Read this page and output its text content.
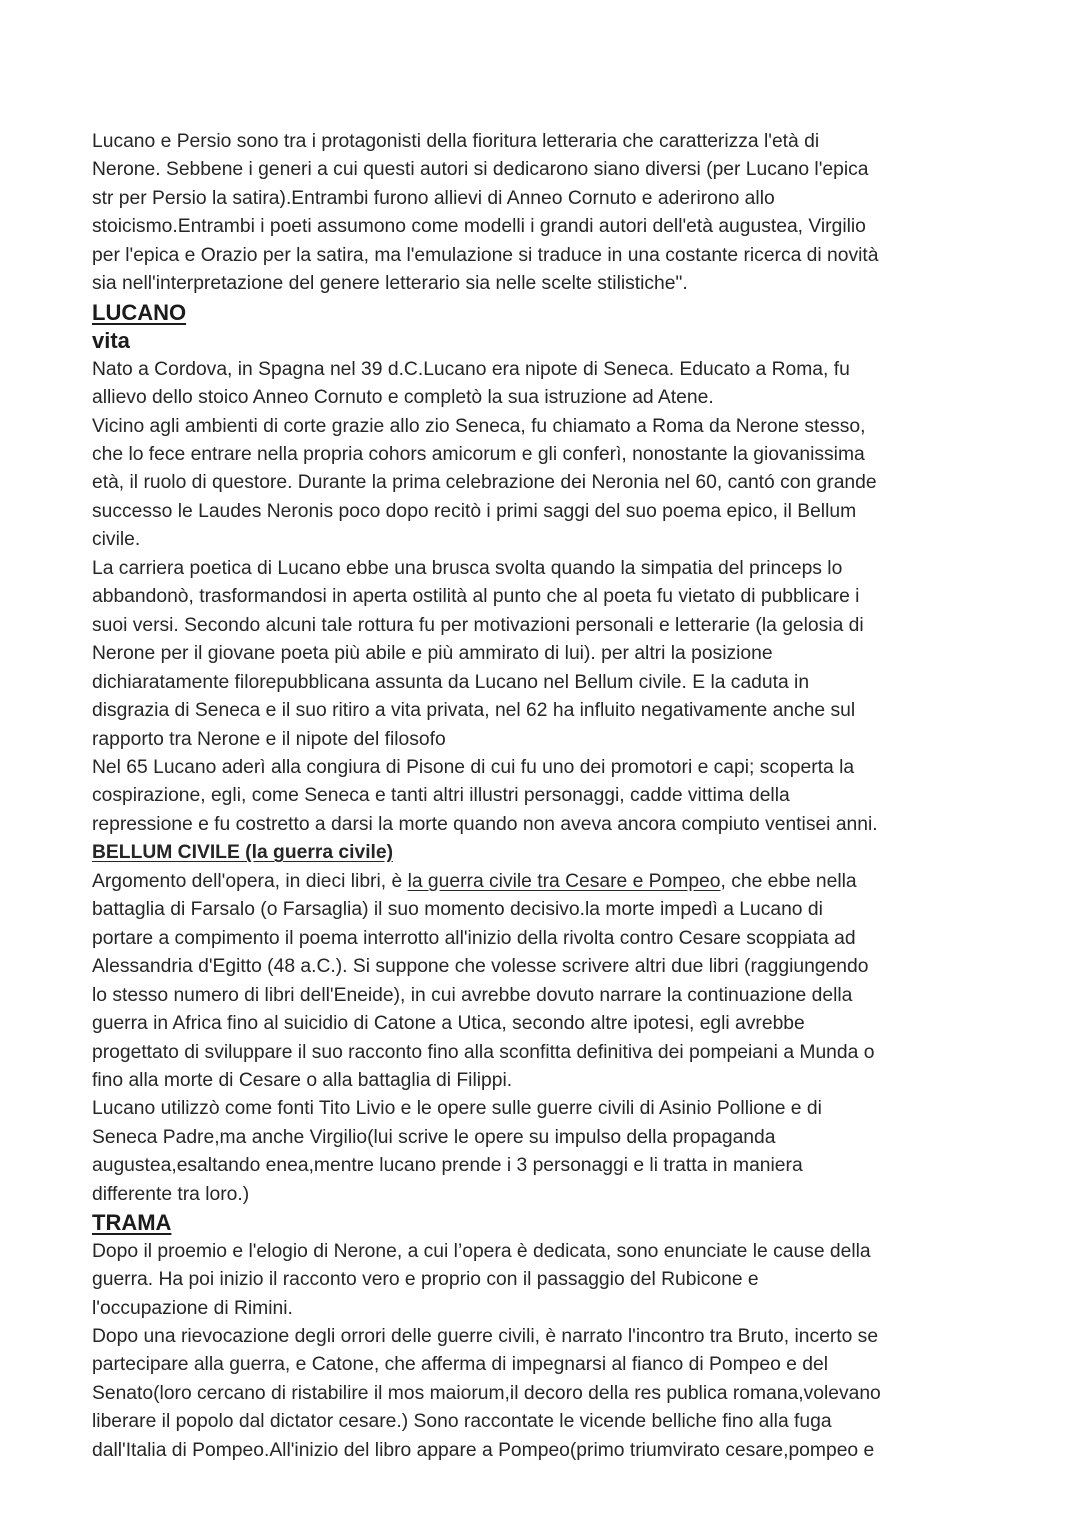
Lucano e Persio sono tra i protagonisti della fioritura letteraria che caratterizza l'età di
Nerone. Sebbene i generi a cui questi autori si dedicarono siano diversi (per Lucano l'epica
str per Persio la satira).Entrambi furono allievi di Anneo Cornuto e aderirono allo
stoicismo.Entrambi i poeti assumono come modelli i grandi autori dell'età augustea, Virgilio
per l'epica e Orazio per la satira, ma l'emulazione si traduce in una costante ricerca di novità
sia nell'interpretazione del genere letterario sia nelle scelte stilistiche".
LUCANO
vita
Nato a Cordova, in Spagna nel 39 d.C.Lucano era nipote di Seneca. Educato a Roma, fu
allievo dello stoico Anneo Cornuto e completò la sua istruzione ad Atene.
Vicino agli ambienti di corte grazie allo zio Seneca, fu chiamato a Roma da Nerone stesso,
che lo fece entrare nella propria cohors amicorum e gli conferì, nonostante la giovanissima
età, il ruolo di questore. Durante la prima celebrazione dei Neronia nel 60, cantó con grande
successo le Laudes Neronis poco dopo recitò i primi saggi del suo poema epico, il Bellum
civile.
La carriera poetica di Lucano ebbe una brusca svolta quando la simpatia del princeps lo
abbandonò, trasformandosi in aperta ostilità al punto che al poeta fu vietato di pubblicare i
suoi versi. Secondo alcuni tale rottura fu per motivazioni personali e letterarie (la gelosia di
Nerone per il giovane poeta più abile e più ammirato di lui). per altri la posizione
dichiaratamente filorepubblicana assunta da Lucano nel Bellum civile. E la caduta in
disgrazia di Seneca e il suo ritiro a vita privata, nel 62 ha influito negativamente anche sul
rapporto tra Nerone e il nipote del filosofo
Nel 65 Lucano aderì alla congiura di Pisone di cui fu uno dei promotori e capi; scoperta la
cospirazione, egli, come Seneca e tanti altri illustri personaggi, cadde vittima della
repressione e fu costretto a darsi la morte quando non aveva ancora compiuto ventisei anni.
BELLUM CIVILE (la guerra civile)
Argomento dell'opera, in dieci libri, è la guerra civile tra Cesare e Pompeo, che ebbe nella
battaglia di Farsalo (o Farsaglia) il suo momento decisivo.la morte impedì a Lucano di
portare a compimento il poema interrotto all'inizio della rivolta contro Cesare scoppiata ad
Alessandria d'Egitto (48 a.C.). Si suppone che volesse scrivere altri due libri (raggiungendo
lo stesso numero di libri dell'Eneide), in cui avrebbe dovuto narrare la continuazione della
guerra in Africa fino al suicidio di Catone a Utica, secondo altre ipotesi, egli avrebbe
progettato di sviluppare il suo racconto fino alla sconfitta definitiva dei pompeiani a Munda o
fino alla morte di Cesare o alla battaglia di Filippi.
Lucano utilizzò come fonti Tito Livio e le opere sulle guerre civili di Asinio Pollione e di
Seneca Padre,ma anche Virgilio(lui scrive le opere su impulso della propaganda
augustea,esaltando enea,mentre lucano prende i 3 personaggi e li tratta in maniera
differente tra loro.)
TRAMA
Dopo il proemio e l'elogio di Nerone, a cui l’opera è dedicata, sono enunciate le cause della
guerra. Ha poi inizio il racconto vero e proprio con il passaggio del Rubicone e
l'occupazione di Rimini.
Dopo una rievocazione degli orrori delle guerre civili, è narrato l'incontro tra Bruto, incerto se
partecipare alla guerra, e Catone, che afferma di impegnarsi al fianco di Pompeo e del
Senato(loro cercano di ristabilire il mos maiorum,il decoro della res publica romana,volevano
liberare il popolo dal dictator cesare.) Sono raccontate le vicende belliche fino alla fuga
dall'Italia di Pompeo.All'inizio del libro appare a Pompeo(primo triumvirato cesare,pompeo e
